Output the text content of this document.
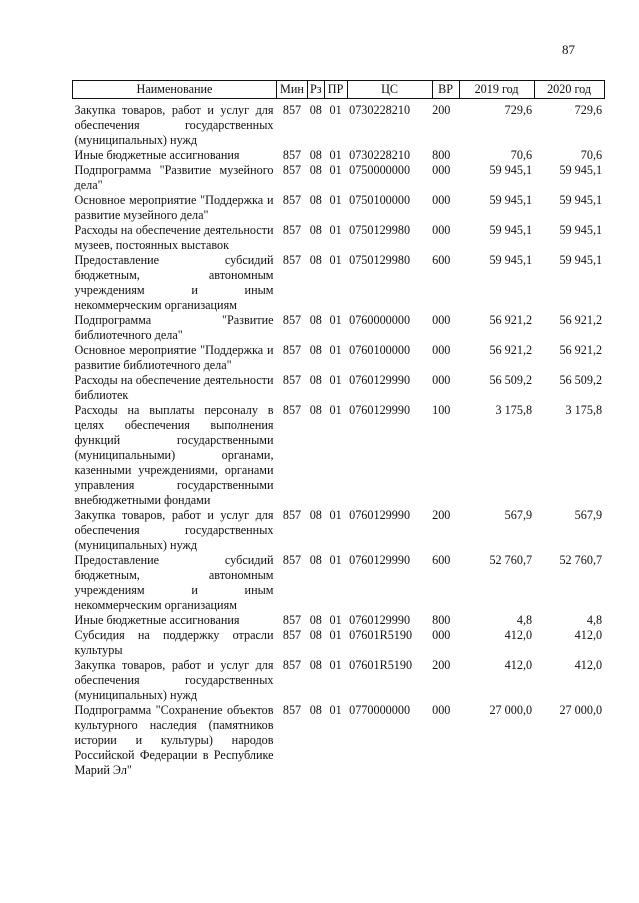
87
Наименование	Мин	Рз	ПР	ЦС	ВР	2019 год	2020 год

Закупка товаров, работ и услуг для обеспечения государственных (муниципальных) нужд	857	08	01	0730228210	200	729,6	729,6
Иные бюджетные ассигнования	857	08	01	0730228210	800	70,6	70,6
Подпрограмма "Развитие музейного дела"	857	08	01	0750000000	000	59 945,1	59 945,1
Основное мероприятие "Поддержка и развитие музейного дела"	857	08	01	0750100000	000	59 945,1	59 945,1
Расходы на обеспечение деятельности музеев, постоянных выставок	857	08	01	0750129980	000	59 945,1	59 945,1
Предоставление субсидий бюджетным, автономным учреждениям и иным некоммерческим организациям	857	08	01	0750129980	600	59 945,1	59 945,1
Подпрограмма "Развитие библиотечного дела"	857	08	01	0760000000	000	56 921,2	56 921,2
Основное мероприятие "Поддержка и развитие библиотечного дела"	857	08	01	0760100000	000	56 921,2	56 921,2
Расходы на обеспечение деятельности библиотек	857	08	01	0760129990	000	56 509,2	56 509,2
Расходы на выплаты персоналу в целях обеспечения выполнения функций государственными (муниципальными) органами, казенными учреждениями, органами управления государственными внебюджетными фондами	857	08	01	0760129990	100	3 175,8	3 175,8
Закупка товаров, работ и услуг для обеспечения государственных (муниципальных) нужд	857	08	01	0760129990	200	567,9	567,9
Предоставление субсидий бюджетным, автономным учреждениям и иным некоммерческим организациям	857	08	01	0760129990	600	52 760,7	52 760,7
Иные бюджетные ассигнования	857	08	01	0760129990	800	4,8	4,8
Субсидия на поддержку отрасли культуры	857	08	01	07601R5190	000	412,0	412,0
Закупка товаров, работ и услуг для обеспечения государственных (муниципальных) нужд	857	08	01	07601R5190	200	412,0	412,0
Подпрограмма "Сохранение объектов культурного наследия (памятников истории и культуры) народов Российской Федерации в Республике Марий Эл"	857	08	01	0770000000	000	27 000,0	27 000,0
